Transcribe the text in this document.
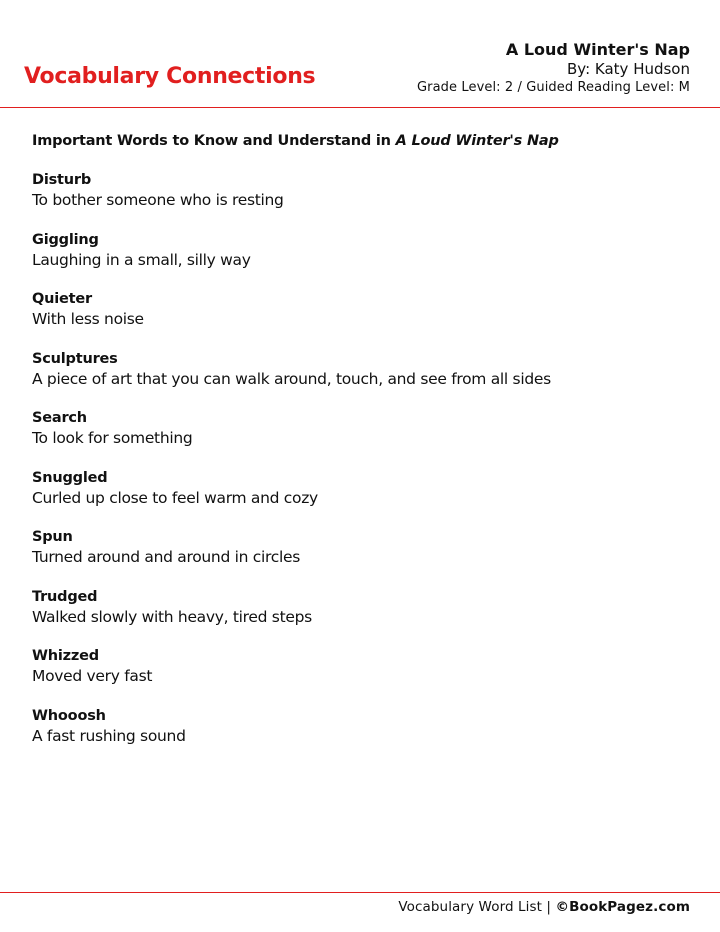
Vocabulary Connections
A Loud Winter's Nap
By: Katy Hudson
Grade Level: 2 / Guided Reading Level: M
Important Words to Know and Understand in A Loud Winter's Nap
Disturb
To bother someone who is resting
Giggling
Laughing in a small, silly way
Quieter
With less noise
Sculptures
A piece of art that you can walk around, touch, and see from all sides
Search
To look for something
Snuggled
Curled up close to feel warm and cozy
Spun
Turned around and around in circles
Trudged
Walked slowly with heavy, tired steps
Whizzed
Moved very fast
Whooosh
A fast rushing sound
Vocabulary Word List | ©BookPagez.com
